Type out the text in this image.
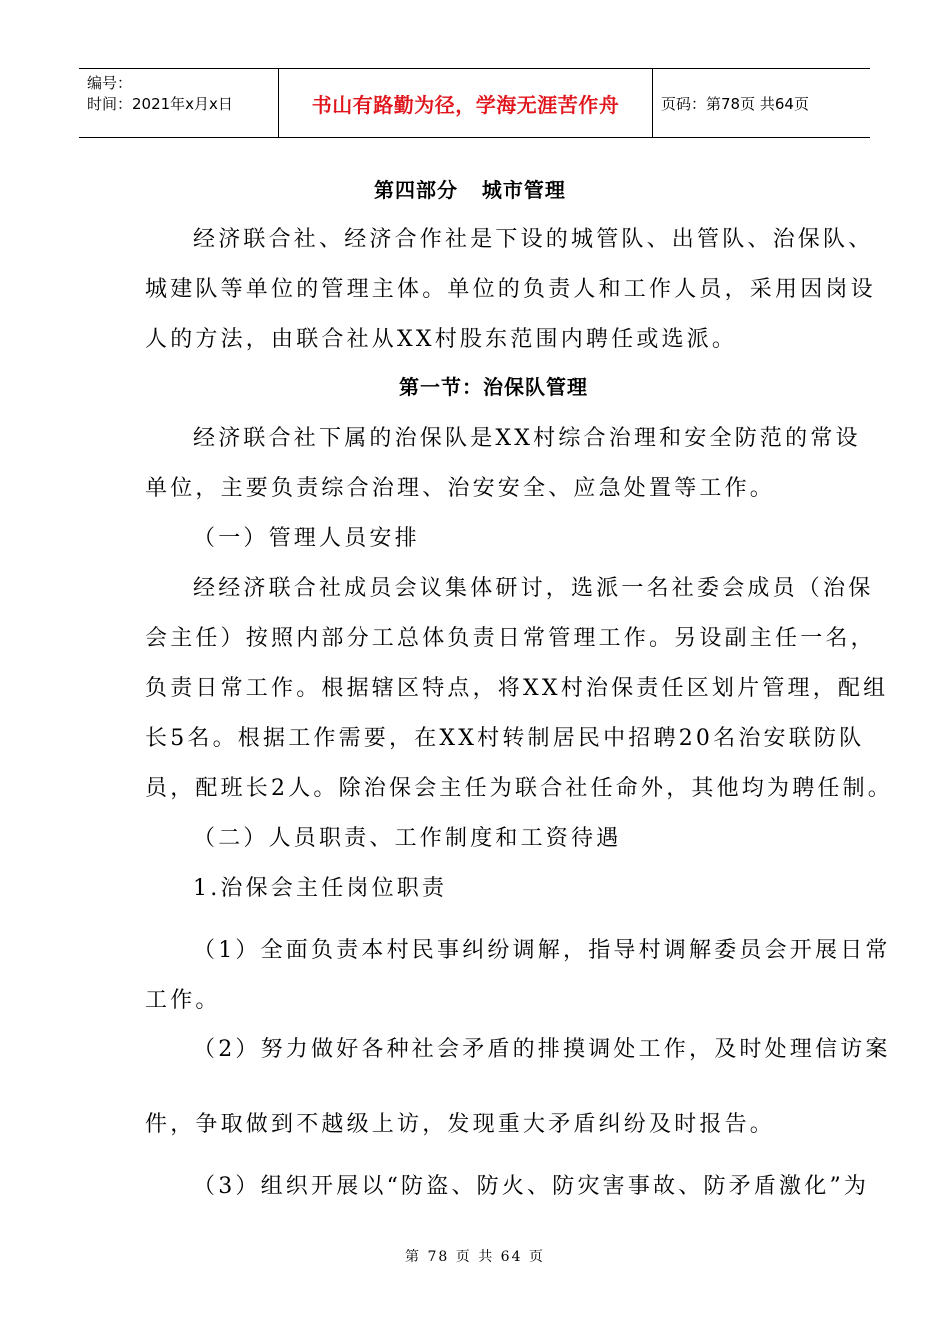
编号：
时间：2021年x月x日	书山有路勤为径，学海无涯苦作舟	页码：第78页 共64页
第四部分   城市管理
经济联合社、经济合作社是下设的城管队、出管队、治保队、
城建队等单位的管理主体。单位的负责人和工作人员，采用因岗设
人的方法，由联合社从XX村股东范围内聘任或选派。
第一节：治保队管理
经济联合社下属的治保队是XX村综合治理和安全防范的常设
单位，主要负责综合治理、治安安全、应急处置等工作。
（一）管理人员安排
经经济联合社成员会议集体研讨，选派一名社委会成员（治保
会主任）按照内部分工总体负责日常管理工作。另设副主任一名，
负责日常工作。根据辖区特点，将XX村治保责任区划片管理，配组
长5名。根据工作需要，在XX村转制居民中招聘20名治安联防队
员，配班长2人。除治保会主任为联合社任命外，其他均为聘任制。
（二）人员职责、工作制度和工资待遇
1.治保会主任岗位职责
（1）全面负责本村民事纠纷调解，指导村调解委员会开展日常
工作。
（2）努力做好各种社会矛盾的排摸调处工作，及时处理信访案
件，争取做到不越级上访，发现重大矛盾纠纷及时报告。
（3）组织开展以“防盗、防火、防灾害事故、防矛盾激化”为
第 78 页 共 64 页
